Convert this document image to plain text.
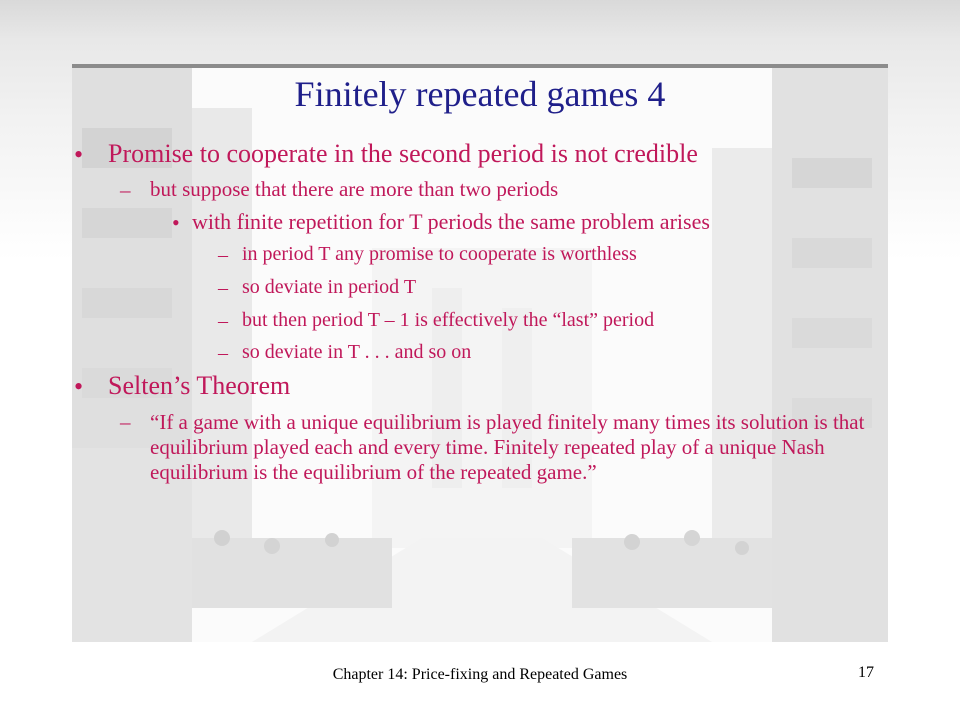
Finitely repeated games 4
• Promise to cooperate in the second period is not credible
– but suppose that there are more than two periods
• with finite repetition for T periods the same problem arises
– in period T any promise to cooperate is worthless
– so deviate in period T
– but then period T – 1 is effectively the “last” period
– so deviate in T . . . and so on
• Selten’s Theorem
– “If a game with a unique equilibrium is played finitely many times its solution is that equilibrium played each and every time. Finitely repeated play of a unique Nash equilibrium is the equilibrium of the repeated game.”
Chapter 14: Price-fixing and Repeated Games	17
